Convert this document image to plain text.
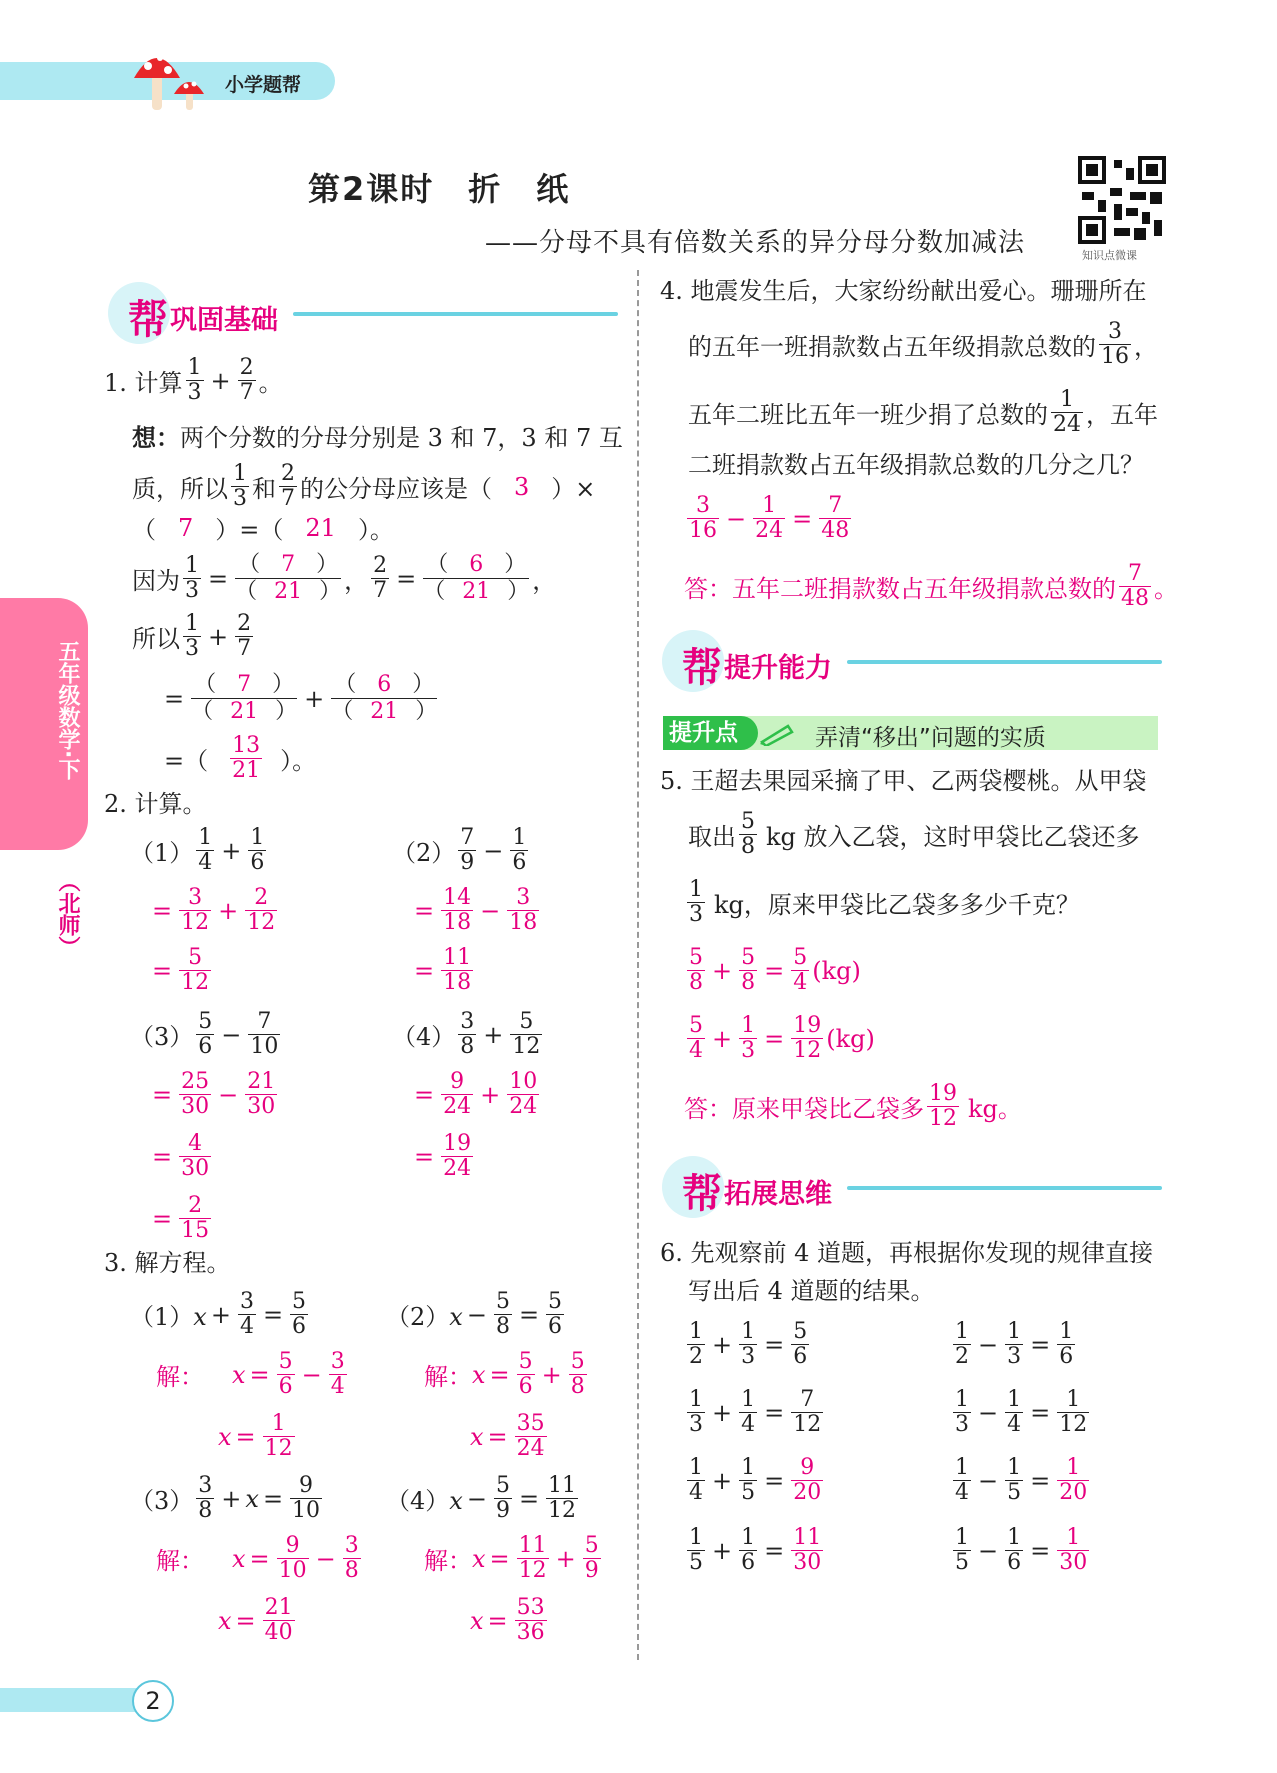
小学题帮
五年级数学·下
（北师）
第2课时　折　纸
——分母不具有倍数关系的异分母分数加减法	知识点微课
帮 巩固基础
1. 计算
1
$3 + \frac{2}{7}$ 。
想： 两个分数的分母分别是 3 和 7，3 和 7 互
质，所以
1
3 和
2
7 的公分母应该是（ 3 ）×
（ 7 ）=（ 21 ）。
因为 $\frac{1}{3} = \frac{( 7 )}{( 21 )}$ ， $\frac{2}{7} = \frac{( 6 )}{( 21 )}$ ，
所以
1
$3 + \frac{2}{7}$
= $\frac{( 7 )}{( 21 )} + \frac{( 6 )}{( 21 )}$
=（
13
21 ）。
2. 计算。
（1）
1
$4 + \frac{1}{6}$
= $\frac{3}{12} + \frac{2}{12}$
= $\frac{5}{12}$
（2）
7
$9 - \frac{1}{6}$
= $\frac{14}{18} - \frac{3}{18}$
= $\frac{11}{18}$
（3）
5
$6 - \frac{7}{10}$
= $\frac{25}{30} - \frac{21}{30}$
= $\frac{4}{30}$
= $\frac{2}{15}$
（4）
3
$8 + \frac{5}{12}$
= $\frac{9}{24} + \frac{10}{24}$
= $\frac{19}{24}$
3. 解方程。
$(1)x + \frac{3}{4} = \frac{5}{6}$
解： $x = \frac{5}{6} - \frac{3}{4}$
$x = \frac{1}{12}$
$(2)x - \frac{5}{8} = \frac{5}{6}$
解： $x = \frac{5}{6} + \frac{5}{8}$
$x = \frac{35}{24}$
（3）
3
$8 + x = \frac{9}{10}$
解： $x = \frac{9}{10} - \frac{3}{8}$
$x = \frac{21}{40}$
$(4)x - \frac{5}{9} = \frac{11}{12}$
解： $x = \frac{11}{12} + \frac{5}{9}$
$x = \frac{53}{36}$
4. 地震发生后，大家纷纷献出爱心。珊珊所在
的五年一班捐款数占五年级捐款总数的
3
16 ，
五年二班比五年一班少捐了总数的
1
24 ，五年
二班捐款数占五年级捐款总数的几分之几？
3
$16 - \frac{1}{24} = \frac{7}{48}$
答：五年二班捐款数占五年级捐款总数的
7
48 。
帮 提升能力
提升点	弄清“移出”问题的实质
5. 王超去果园采摘了甲、乙两袋樱桃。从甲袋
取出
5
8 kg 放入乙袋，这时甲袋比乙袋还多
1
3 kg，原来甲袋比乙袋多多少千克？
5
$8 + \frac{5}{8} = \frac{5}{4} (kg)$
5
$4 + \frac{1}{3} = \frac{19}{12} (kg)$
答：原来甲袋比乙袋多
19
12 kg。
帮 拓展思维
6. 先观察前 4 道题，再根据你发现的规律直接
写出后 4 道题的结果。
1
$2 + \frac{1}{3} = \frac{5}{6}$
1
$3 + \frac{1}{4} = \frac{7}{12}$
1
$4 + \frac{1}{5} = \frac{9}{20}$
1
$5 + \frac{1}{6} = \frac{11}{30}$
1
$2 - \frac{1}{3} = \frac{1}{6}$
1
$3 - \frac{1}{4} = \frac{1}{12}$
1
$4 - \frac{1}{5} = \frac{1}{20}$
1
$5 - \frac{1}{6} = \frac{1}{30}$
2
